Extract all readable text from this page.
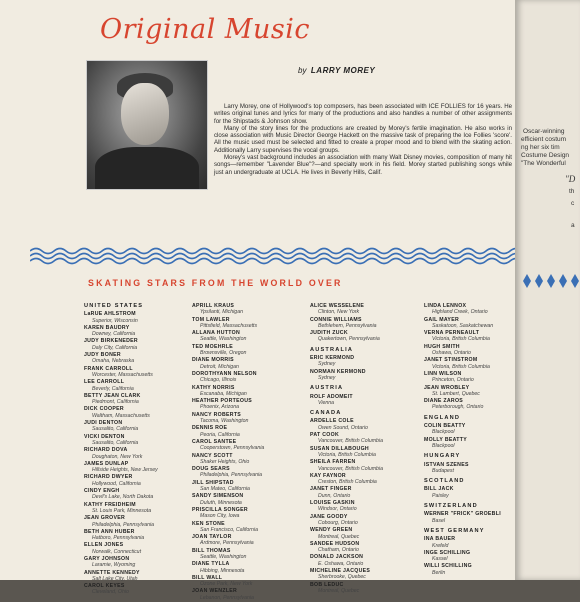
Original Music
by LARRY MOREY

Larry Morey, one of Hollywood's top composers, has been associated with ICE FOLLIES for 16 years. He writes original tunes and lyrics for many of the productions and also handles a number of other assignments for the Shipstads & Johnson show.

Many of the story lines for the productions are created by Morey's fertile imagination. He also works in close association with Music Director George Hackett on the massive task of preparing the Ice Follies 'score'. All the music used must be selected and fitted to create a proper mood and to blend with the skating action. Additionally Larry supervises the vocal groups.

Morey's vast background includes an association with many Walt Disney movies, composition of many hit songs—remember "Lavender Blue"?—and specialty work in his field. Morey started publishing songs while just an undergraduate at UCLA. He lives in Beverly Hills, Calif.

SKATING STARS FROM THE WORLD OVER
UNITED STATES
LaRUE AHLSTROM
Superior, Wisconsin
KAREN BAUDRY
Downey, California
JUDY BIRKENEDER
Daly City, California
JUDY BONER
Omaha, Nebraska
FRANK CARROLL
Worcester, Massachusetts
LEE CARROLL
Beverly, California
BETTY JEAN CLARK
Piedmont, California
DICK COOPER
Waltham, Massachusetts
JUDI DENTON
Sausalito, California
VICKI DENTON
Sausalito, California
RICHARD DOVA
Doughaton, New York
JAMES DUNLAP
Hillside Heights, New Jersey
RICHARD DWYER
Hollywood, California
CINDY ENGH
Devil's Lake, North Dakota
KATHY FREIDHEIM
St. Louis Park, Minnesota
JEAN GROVER
Philadelphia, Pennsylvania
BETH ANN HUBER
Hatboro, Pennsylvania
ELLEN JONES
Norwalk, Connecticut
GARY JOHNSON
Laramie, Wyoming
ANNETTE KENNEDY
Salt Lake City, Utah
CAROL KEYES
Cleveland, Ohio
APRILL KRAUS
Ypsilanti, Michigan
TOM LAWLER
Pittsfield, Massachusetts
ALLANA HUTTON
Seattle, Washington
TED MOEHRLE
Brownsville, Oregon
DIANE MORRIS
Detroit, Michigan
DOROTHYANN NELSON
Chicago, Illinois
KATHY NORRIS
Escanaba, Michigan
HEATHER PORTEOUS
Phoenix, Arizona
NANCY ROBERTS
Tacoma, Washington
DENNIS ROE
Peoria, California
CAROL SANTEE
Cooperstown, Pennsylvania
NANCY SCOTT
Shaker Heights, Ohio
DOUG SEARS
Philadelphia, Pennsylvania
JILL SHIPSTAD
San Mateo, California
SANDY SIMENSON
Duluth, Minnesota
PRISCILLA SONGER
Mason City, Iowa
KEN STONE
San Francisco, California
JOAN TAYLOR
Ardmore, Pennsylvania
BILL THOMAS
Seattle, Washington
DIANE TYLLA
Hibbing, Minnesota
BILL WALL
Ozone Park, New York
JOAN WENZLER
Lebanon, Pennsylvania
ALICE WESSELENE
Clinton, New York
CONNIE WILLIAMS
Bethlehem, Pennsylvania
JUDITH ZUCK
Quakertown, Pennsylvania
AUSTRALIA
ERIC KERMOND
Sydney
NORMAN KERMOND
Sydney
AUSTRIA
ROLF ADOMEIT
Vienna
CANADA
ARDELLE COLE
Owen Sound, Ontario
PAT COOK
Vancouver, British Columbia
SUSAN DILLABOUGH
Victoria, British Columbia
SHEILA FARREN
Vancouver, British Columbia
KAY FAYNOR
Creston, British Columbia
JANET FINGER
Dunn, Ontario
LOUISE GASKIN
Windsor, Ontario
JANE GOODY
Cobourg, Ontario
WENDY GREEN
Montreal, Quebec
SANDEE HUDSON
Chatham, Ontario
DONALD JACKSON
E. Oshawa, Ontario
MICHELINE JACQUES
Sherbrooke, Quebec
BOB LEDUC
Montreal, Quebec
LINDA LENNOX
Highland Creek, Ontario
GAIL MAYER
Saskatoon, Saskatchewan
VERNA PERNEAULT
Victoria, British Columbia
HUGH SMITH
Oshawa, Ontario
JANET STINSTROM
Victoria, British Columbia
LINN WILSON
Princeton, Ontario
JEAN WROBLEY
St. Lambert, Quebec
DIANE ZAROS
Peterborough, Ontario
ENGLAND
COLIN BEATTY
Blackpool
MOLLY BEATTY
Blackpool
HUNGARY
ISTVAN SZENES
Budapest
SCOTLAND
BILL JACK
Paisley
SWITZERLAND
WERNER "FRICK" GROEBLI
Basel
WEST GERMANY
INA BAUER
Krefeld
INGE SCHILLING
Kassel
WILLI SCHILLING
Berlin
Oscar-winning
efficient costum
ng her six tim
Costume Design
"The Wonderful
"D
th
c
a
